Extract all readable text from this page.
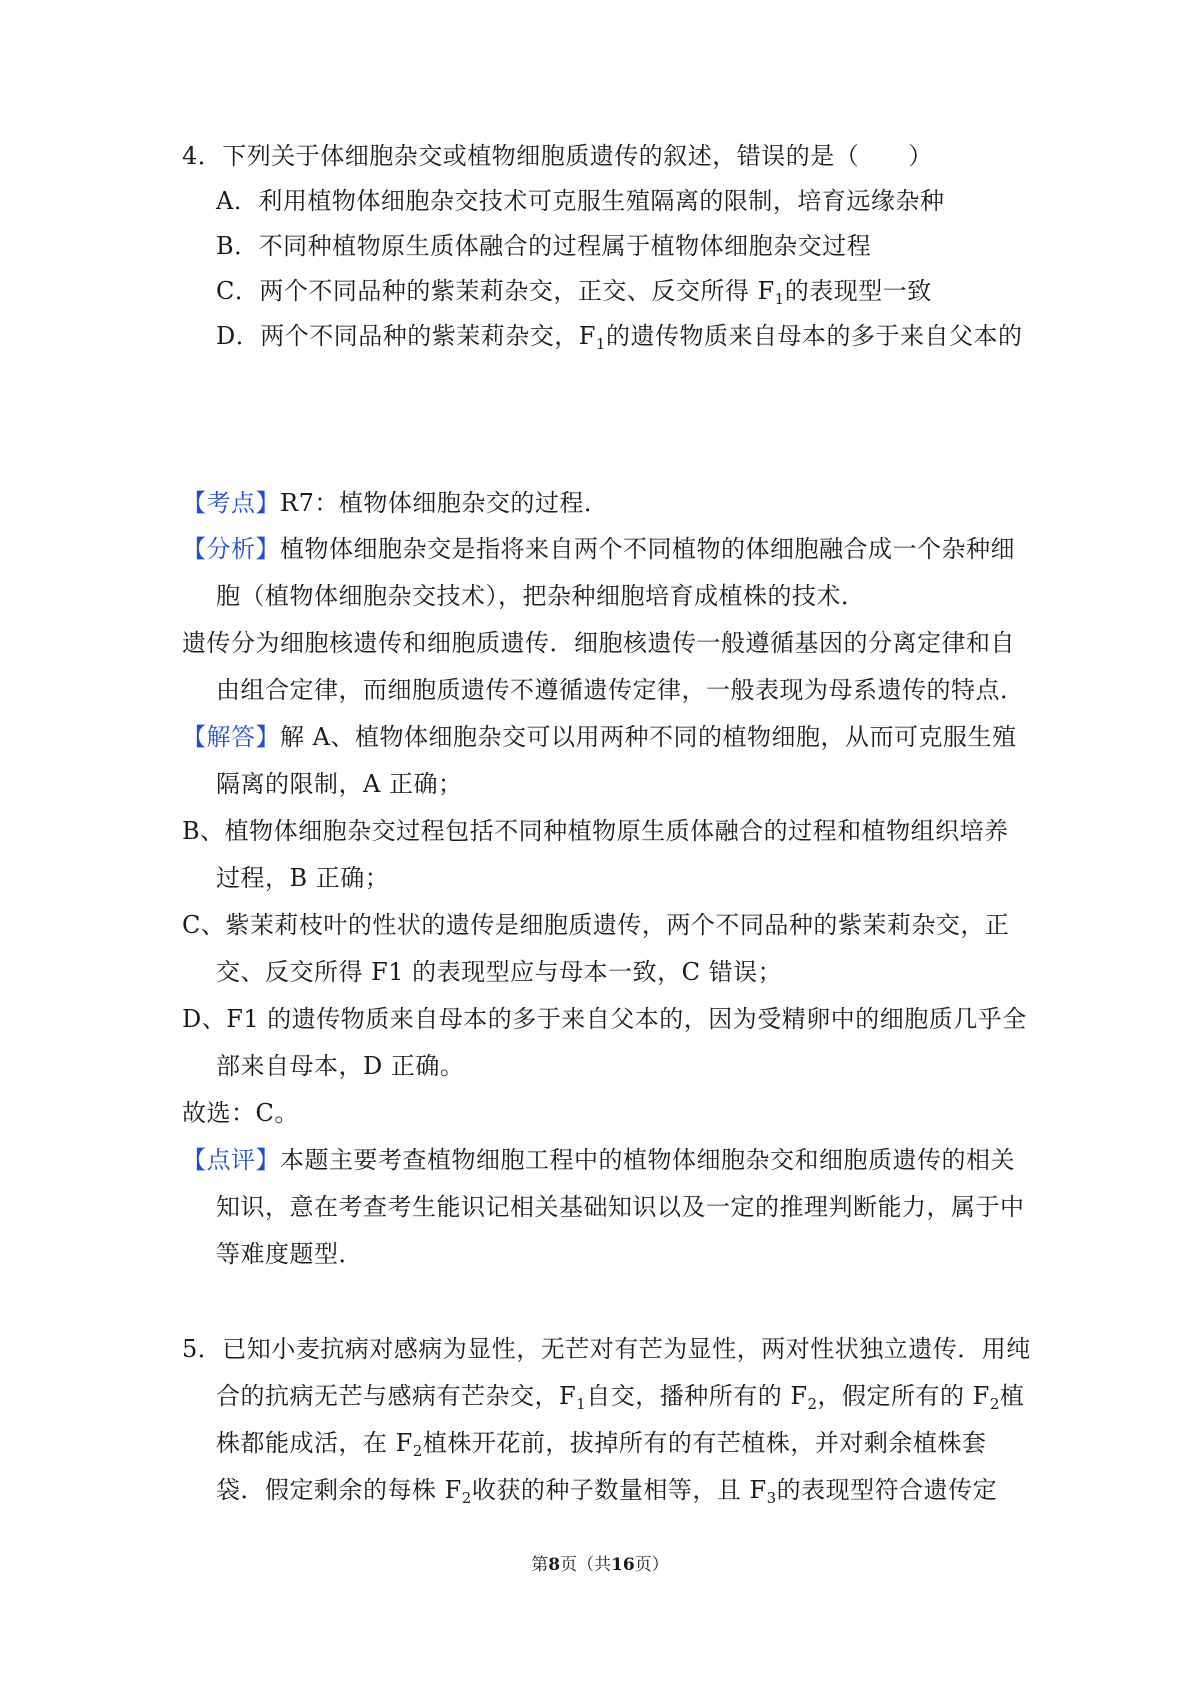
4．下列关于体细胞杂交或植物细胞质遗传的叙述，错误的是（　　）
A．利用植物体细胞杂交技术可克服生殖隔离的限制，培育远缘杂种
B．不同种植物原生质体融合的过程属于植物体细胞杂交过程
C．两个不同品种的紫茉莉杂交，正交、反交所得 $F_1$的表现型一致
D．两个不同品种的紫茉莉杂交，$F_1$的遗传物质来自母本的多于来自父本的
【考点】R7：植物体细胞杂交的过程．
【分析】植物体细胞杂交是指将来自两个不同植物的体细胞融合成一个杂种细
胞（植物体细胞杂交技术），把杂种细胞培育成植株的技术．
遗传分为细胞核遗传和细胞质遗传．细胞核遗传一般遵循基因的分离定律和自
由组合定律，而细胞质遗传不遵循遗传定律，一般表现为母系遗传的特点．
【解答】解 A、植物体细胞杂交可以用两种不同的植物细胞，从而可克服生殖
隔离的限制，A 正确；
B、植物体细胞杂交过程包括不同种植物原生质体融合的过程和植物组织培养
过程，B 正确；
C、紫茉莉枝叶的性状的遗传是细胞质遗传，两个不同品种的紫茉莉杂交，正
交、反交所得 F1 的表现型应与母本一致，C 错误；
D、F1 的遗传物质来自母本的多于来自父本的，因为受精卵中的细胞质几乎全
部来自母本，D 正确。
故选：C。
【点评】本题主要考查植物细胞工程中的植物体细胞杂交和细胞质遗传的相关
知识，意在考查考生能识记相关基础知识以及一定的推理判断能力，属于中
等难度题型．
5．已知小麦抗病对感病为显性，无芒对有芒为显性，两对性状独立遗传．用纯
合的抗病无芒与感病有芒杂交，$F_1$自交，播种所有的 $F_2$，假定所有的 $F_2$植
株都能成活，在 $F_2$植株开花前，拔掉所有的有芒植株，并对剩余植株套
袋．假定剩余的每株 $F_2$收获的种子数量相等，且 $F_3$的表现型符合遗传定
第8页（共16页）
